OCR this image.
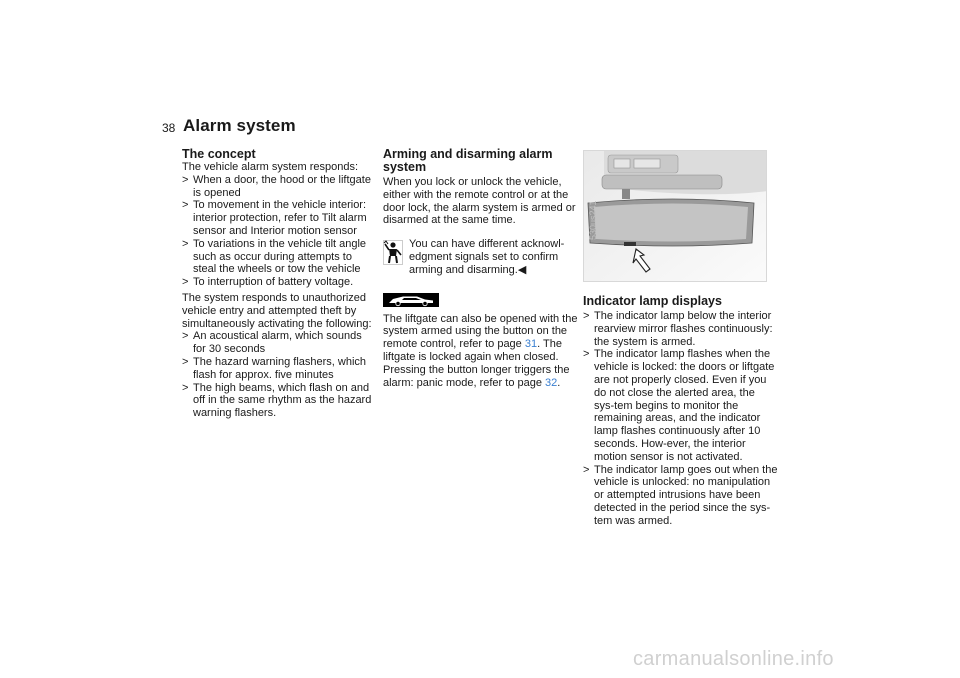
38 Alarm system
The concept

The vehicle alarm system responds:

> When a door, the hood or the liftgate is opened
> To movement in the vehicle interior: interior protection, refer to Tilt alarm sensor and Interior motion sensor
> To variations in the vehicle tilt angle such as occur during attempts to steal the wheels or tow the vehicle
> To interruption of battery voltage.

The system responds to unauthorized vehicle entry and attempted theft by simultaneously activating the following:

> An acoustical alarm, which sounds for 30 seconds
> The hazard warning flashers, which flash for approx. five minutes
> The high beams, which flash on and off in the same rhythm as the hazard warning flashers.
Arming and disarming alarm system

When you lock or unlock the vehicle, either with the remote control or at the door lock, the alarm system is armed or disarmed at the same time.

You can have different acknowl-edgment signals set to confirm arming and disarming.◀

The liftgate can also be opened with the system armed using the button on the remote control, refer to page 31. The liftgate is locked again when closed. Pressing the button longer triggers the alarm: panic mode, refer to page 32.

530us241
Indicator lamp displays
> The indicator lamp below the interior rearview mirror flashes continuously: the system is armed.
> The indicator lamp flashes when the vehicle is locked: the doors or liftgate are not properly closed. Even if you do not close the alerted area, the sys-tem begins to monitor the remaining areas, and the indicator lamp flashes continuously after 10 seconds. How-ever, the interior motion sensor is not activated.
> The indicator lamp goes out when the vehicle is unlocked: no manipulation or attempted intrusions have been detected in the period since the sys-tem was armed.
carmanualsonline.info
